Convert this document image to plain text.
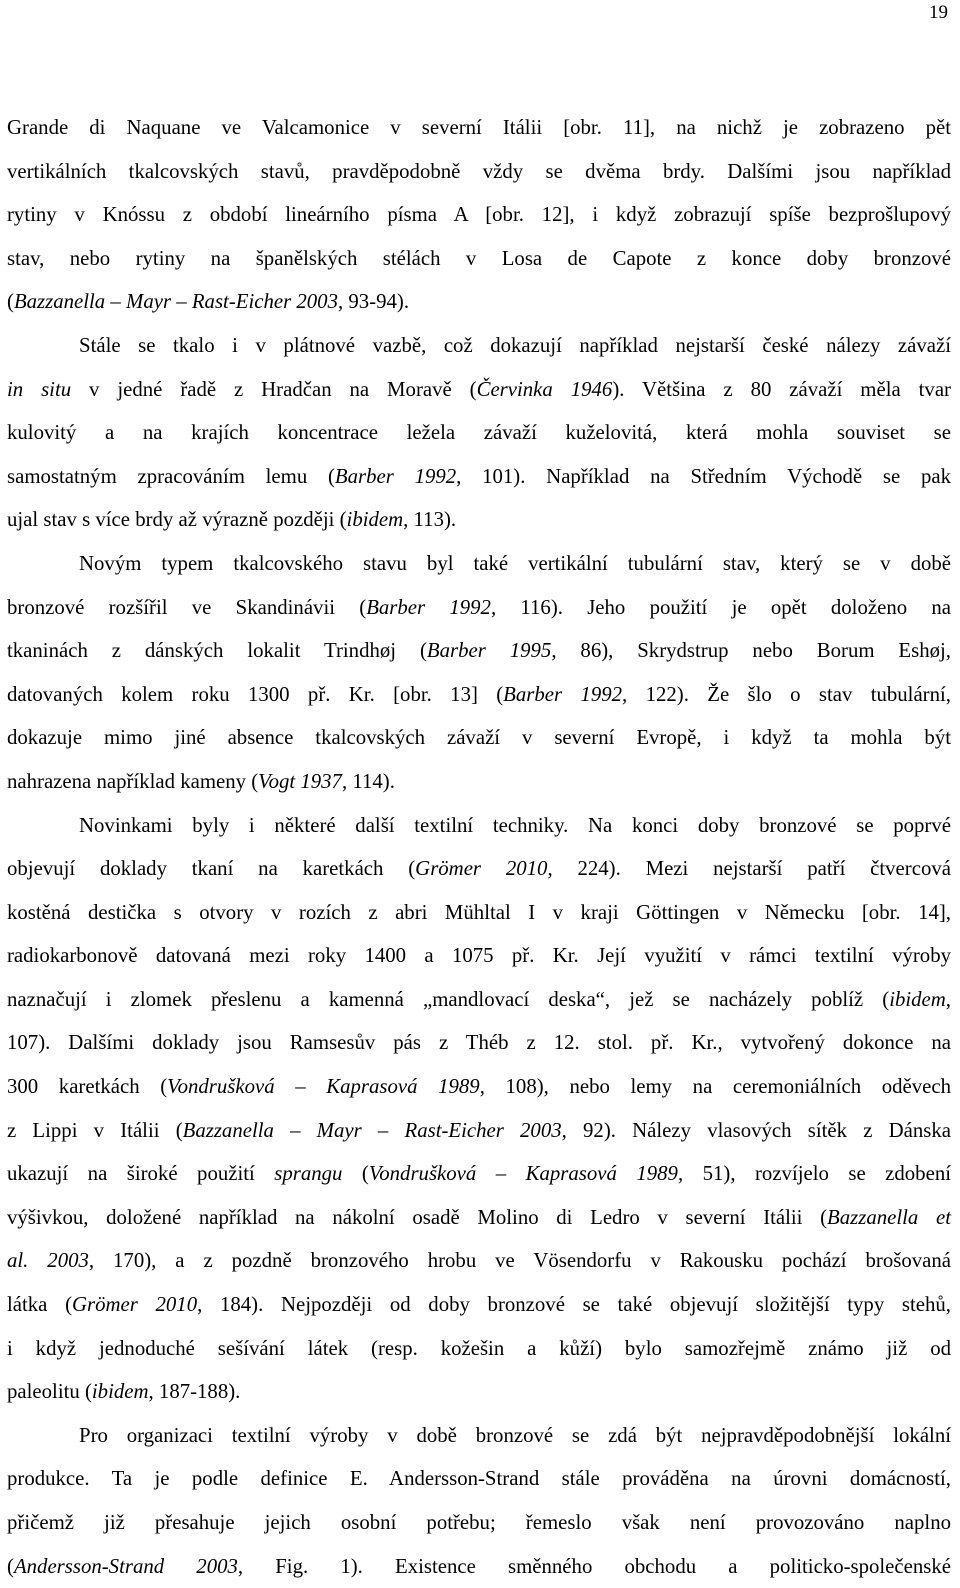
19
Grande di Naquane ve Valcamonice v severní Itálii [obr. 11], na nichž je zobrazeno pět
vertikálních tkalcovských stavů, pravděpodobně vždy se dvěma brdy. Dalšími jsou například
rytiny v Knóssu z období lineárního písma A [obr. 12], i když zobrazují spíše bezprošlupový
stav, nebo rytiny na španělských stélách v Losa de Capote z konce doby bronzové
(Bazzanella – Mayr – Rast-Eicher 2003, 93-94).
Stále se tkalo i v plátnové vazbě, což dokazují například nejstarší české nálezy závaží
in situ v jedné řadě z Hradčan na Moravě (Červinka 1946). Většina z 80 závaží měla tvar
kulovitý a na krajích koncentrace ležela závaží kuželovitá, která mohla souviset se
samostatným zpracováním lemu (Barber 1992, 101). Například na Středním Východě se pak
ujal stav s více brdy až výrazně později (ibidem, 113).
Novým typem tkalcovského stavu byl také vertikální tubulární stav, který se v době
bronzové rozšířil ve Skandinávii (Barber 1992, 116). Jeho použití je opět doloženo na
tkaninách z dánských lokalit Trindhøj (Barber 1995, 86), Skrydstrup nebo Borum Eshøj,
datovaných kolem roku 1300 př. Kr. [obr. 13] (Barber 1992, 122). Že šlo o stav tubulární,
dokazuje mimo jiné absence tkalcovských závaží v severní Evropě, i když ta mohla být
nahrazena například kameny (Vogt 1937, 114).
Novinkami byly i některé další textilní techniky. Na konci doby bronzové se poprvé
objevují doklady tkaní na karetkách (Grömer 2010, 224). Mezi nejstarší patří čtvercová
kostěná destička s otvory v rozích z abri Mühltal I v kraji Göttingen v Německu [obr. 14],
radiokarbonově datovaná mezi roky 1400 a 1075 př. Kr. Její využití v rámci textilní výroby
naznačují i zlomek přeslenu a kamenná „mandlovací deska“, jež se nacházely poblíž (ibidem,
107). Dalšími doklady jsou Ramsesův pás z Théb z 12. stol. př. Kr., vytvořený dokonce na
300 karetkách (Vondrušková – Kaprasová 1989, 108), nebo lemy na ceremoniálních oděvech
z Lippi v Itálii (Bazzanella – Mayr – Rast-Eicher 2003, 92). Nálezy vlasových sítěk z Dánska
ukazují na široké použití sprangu (Vondrušková – Kaprasová 1989, 51), rozvíjelo se zdobení
výšivkou, doložené například na nákolní osadě Molino di Ledro v severní Itálii (Bazzanella et
al. 2003, 170), a z pozdně bronzového hrobu ve Vösendorfu v Rakousku pochází brošovaná
látka (Grömer 2010, 184). Nejpozději od doby bronzové se také objevují složitější typy stehů,
i když jednoduché sešívání látek (resp. kožešin a kůží) bylo samozřejmě známo již od
paleolitu (ibidem, 187-188).
Pro organizaci textilní výroby v době bronzové se zdá být nejpravděpodobnější lokální
produkce. Ta je podle definice E. Andersson-Strand stále prováděna na úrovni domácností,
přičemž již přesahuje jejich osobní potřebu; řemeslo však není provozováno naplno
(Andersson-Strand 2003, Fig. 1). Existence směnného obchodu a politicko-společenské
